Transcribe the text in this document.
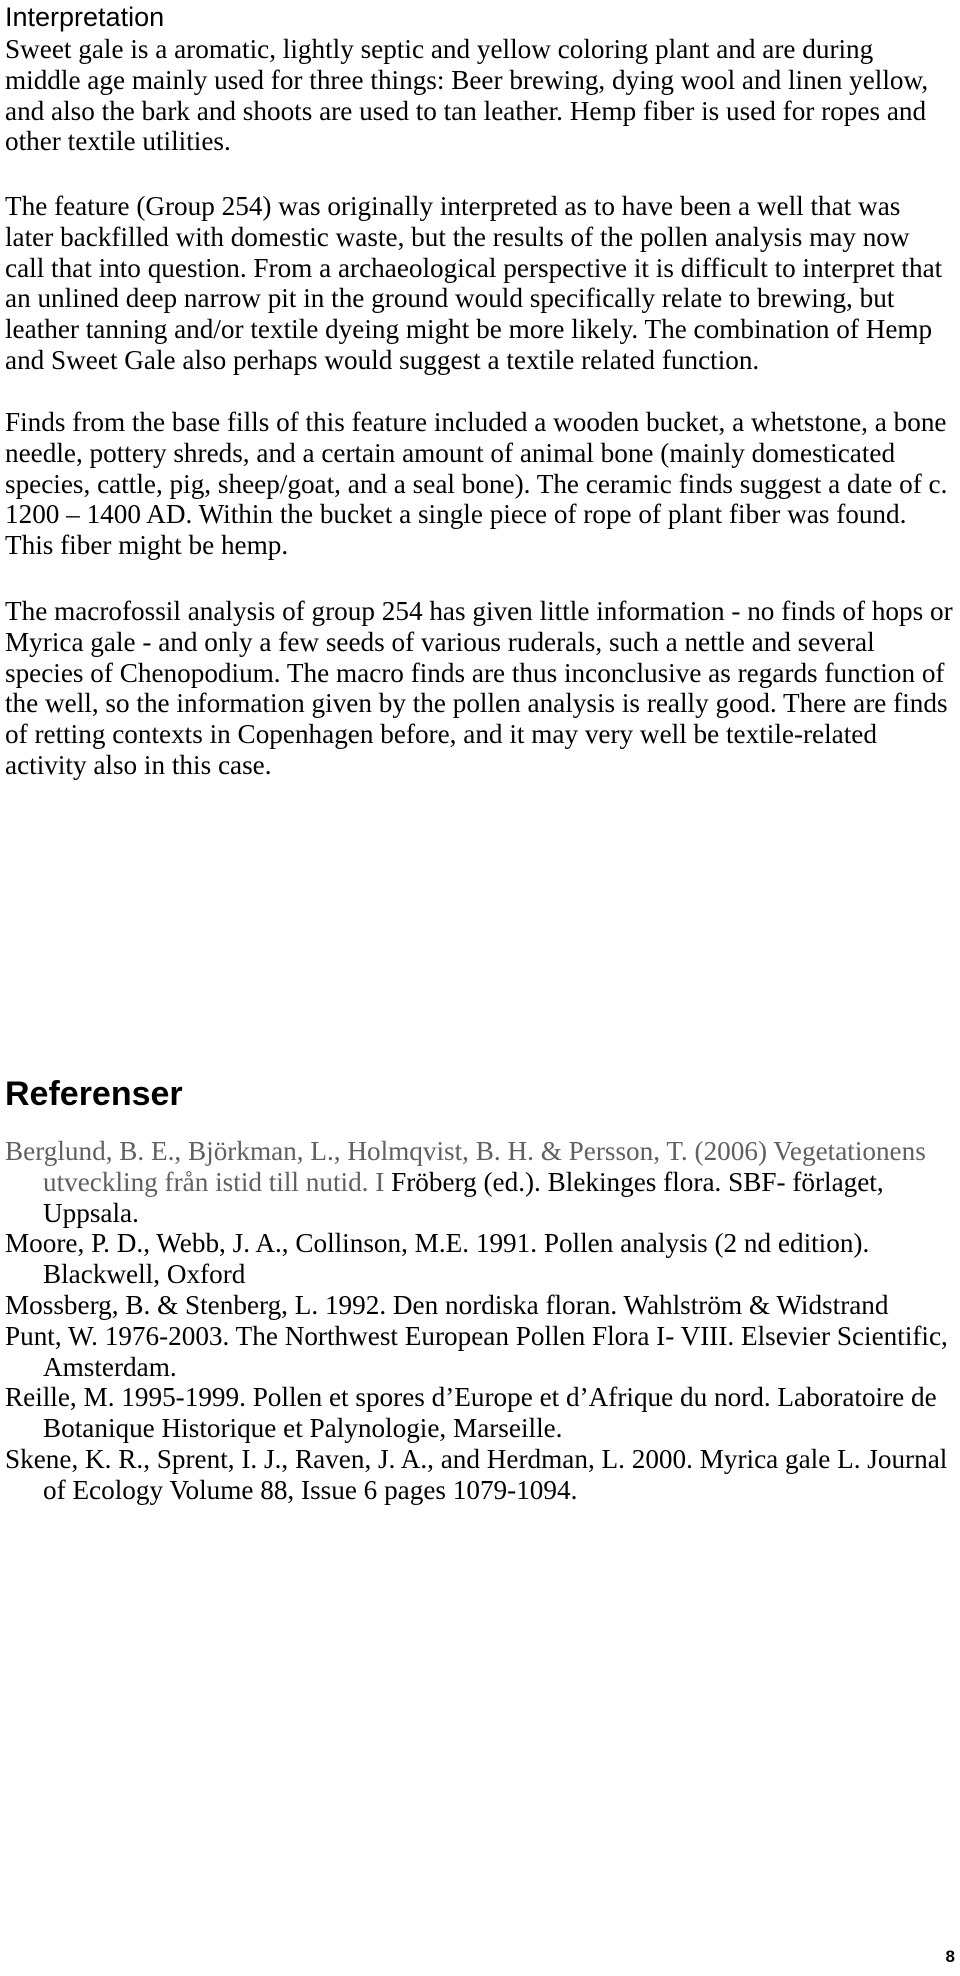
Interpretation

Sweet gale is a aromatic, lightly septic and yellow coloring plant and are during middle age mainly used for three things: Beer brewing, dying wool and linen yellow, and also the bark and shoots are used to tan leather. Hemp fiber is used for ropes and other textile utilities.

The feature (Group 254) was originally interpreted as to have been a well that was later backfilled with domestic waste, but the results of the pollen analysis may now call that into question. From a archaeological perspective it is difficult to interpret that an unlined deep narrow pit in the ground would specifically relate to brewing, but leather tanning and/or textile dyeing might be more likely. The combination of Hemp and Sweet Gale also perhaps would suggest a textile related function.

Finds from the base fills of this feature included a wooden bucket, a whetstone, a bone needle, pottery shreds, and a certain amount of animal bone (mainly domesticated species, cattle, pig, sheep/goat, and a seal bone). The ceramic finds suggest a date of c. 1200 – 1400 AD. Within the bucket a single piece of rope of plant fiber was found. This fiber might be hemp.

The macrofossil analysis of group 254 has given little information - no finds of hops or Myrica gale - and only a few seeds of various ruderals, such a nettle and several species of Chenopodium. The macro finds are thus inconclusive as regards function of the well, so the information given by the pollen analysis is really good. There are finds of retting contexts in Copenhagen before, and it may very well be textile-related activity also in this case.

Referenser

Berglund, B. E., Björkman, L., Holmqvist, B. H. & Persson, T. (2006) Vegetationens utveckling från istid till nutid. I Fröberg (ed.). Blekinges flora. SBF- förlaget, Uppsala.

Moore, P. D., Webb, J. A., Collinson, M.E. 1991. Pollen analysis (2 nd edition). Blackwell, Oxford

Mossberg, B. & Stenberg, L. 1992. Den nordiska floran. Wahlström & Widstrand

Punt, W. 1976-2003. The Northwest European Pollen Flora I- VIII. Elsevier Scientific, Amsterdam.

Reille, M. 1995-1999. Pollen et spores d’Europe et d’Afrique du nord. Laboratoire de Botanique Historique et Palynologie, Marseille.

Skene, K. R., Sprent, I. J., Raven, J. A., and Herdman, L. 2000. Myrica gale L. Journal of Ecology Volume 88, Issue 6 pages 1079-1094.

8
